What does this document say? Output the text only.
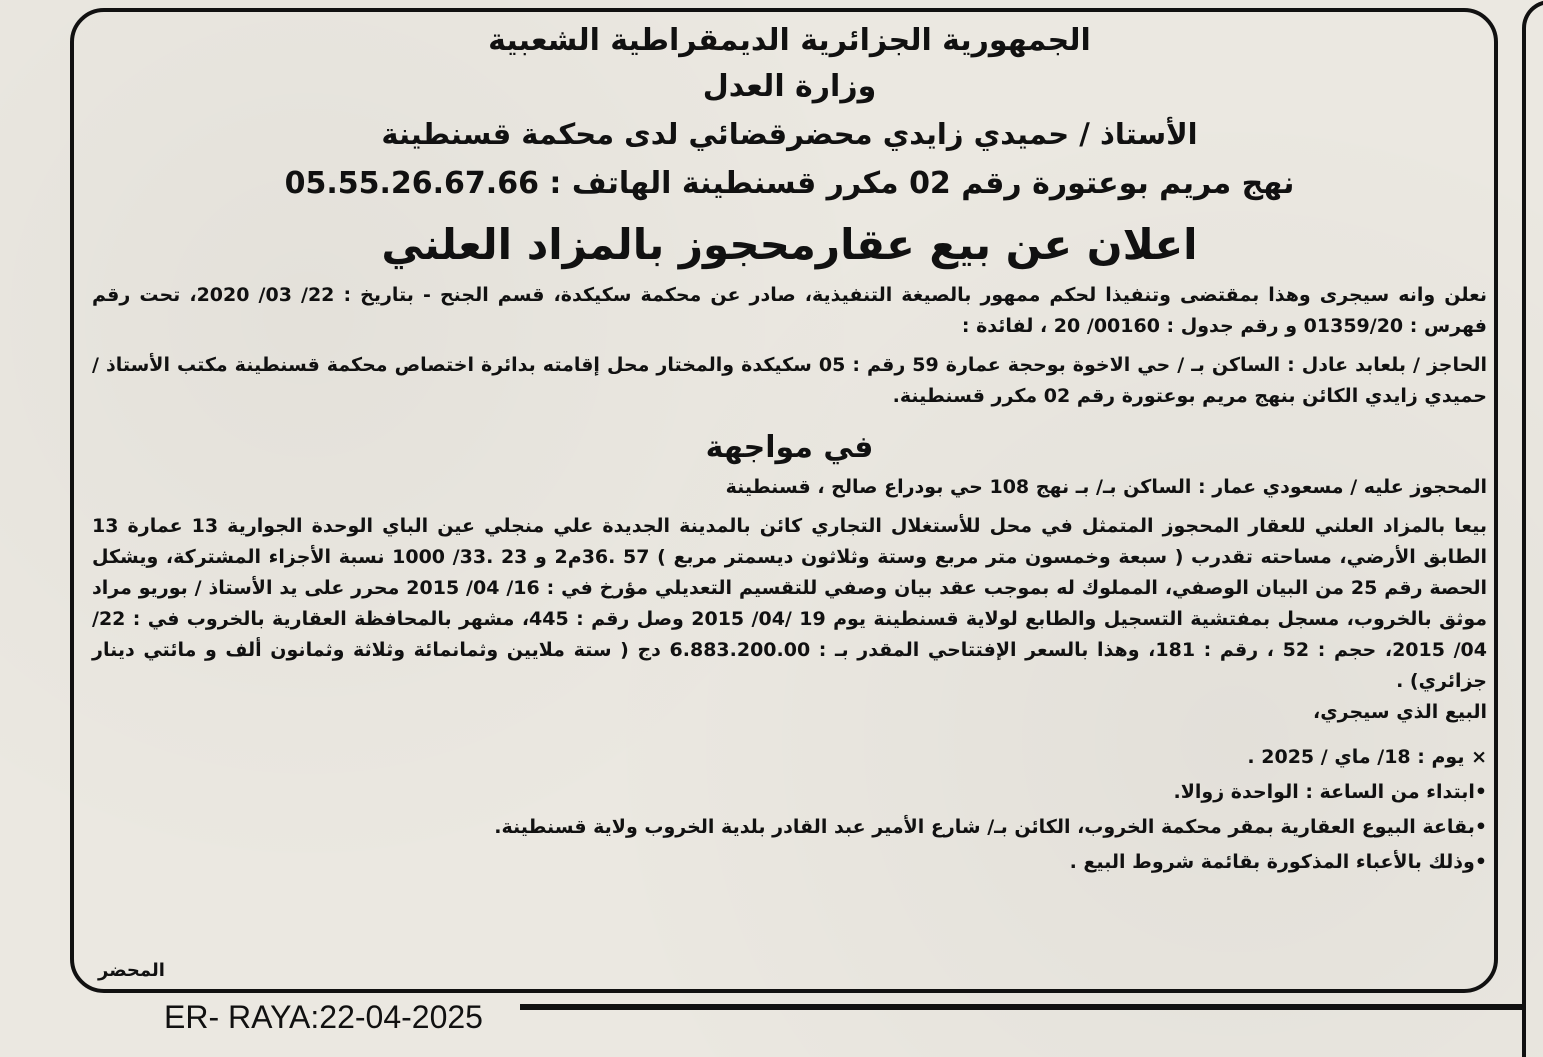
الجمهورية الجزائرية الديمقراطية الشعبية
وزارة العدل
الأستاذ / حميدي زايدي محضرقضائي لدى محكمة قسنطينة
نهج مريم بوعتورة رقم 02 مكرر قسنطينة الهاتف : 05.55.26.67.66
اعلان عن بيع عقارمحجوز بالمزاد العلني

نعلن وانه سيجرى وهذا بمقتضى وتنفيذا لحكم ممهور بالصيغة التنفيذية، صادر عن محكمة سكيكدة، قسم الجنح - بتاريخ : 22/ 03/ 2020، تحت رقم فهرس : 01359/20 و رقم جدول : 00160/ 20 ، لفائدة :

الحاجز / بلعابد عادل : الساكن بـ / حي الاخوة بوحجة عمارة 59 رقم : 05 سكيكدة والمختار محل إقامته بدائرة اختصاص محكمة قسنطينة مكتب الأستاذ / حميدي زايدي الكائن بنهج مريم بوعتورة رقم 02 مكرر قسنطينة.

في مواجهة

المحجوز عليه / مسعودي عمار : الساكن بـ/ بـ نهج 108 حي بودراع صالح ، قسنطينة

بيعا بالمزاد العلني للعقار المحجوز المتمثل في محل للأستغلال التجاري كائن بالمدينة الجديدة علي منجلي عين الباي الوحدة الجوارية 13 عمارة 13 الطابق الأرضي، مساحته تقدرب ( سبعة وخمسون متر مربع وستة وثلاثون ديسمتر مربع ) 57 .36م2 و 23 .33/ 1000 نسبة الأجزاء المشتركة، ويشكل الحصة رقم 25 من البيان الوصفي، المملوك له بموجب عقد بيان وصفي للتقسيم التعديلي مؤرخ في : 16/ 04/ 2015 محرر على يد الأستاذ / بوريو مراد موثق بالخروب، مسجل بمفتشية التسجيل والطابع لولاية قسنطينة يوم 19 /04/ 2015 وصل رقم : 445، مشهر بالمحافظة العقارية بالخروب في : 22/ 04/ 2015، حجم : 52 ، رقم : 181، وهذا بالسعر الإفتتاحي المقدر بـ : 6.883.200.00 دج ( ستة ملايين وثمانمائة وثلاثة وثمانون ألف و مائتي دينار جزائري) .

البيع الذي سيجري،

× يوم : 18/ ماي / 2025 .
•ابتداء من الساعة : الواحدة زوالا.
•بقاعة البيوع العقارية بمقر محكمة الخروب، الكائن بـ/ شارع الأمير عبد القادر بلدية الخروب ولاية قسنطينة.
•وذلك بالأعباء المذكورة بقائمة شروط البيع .
المحضر
ER- RAYA:22-04-2025
